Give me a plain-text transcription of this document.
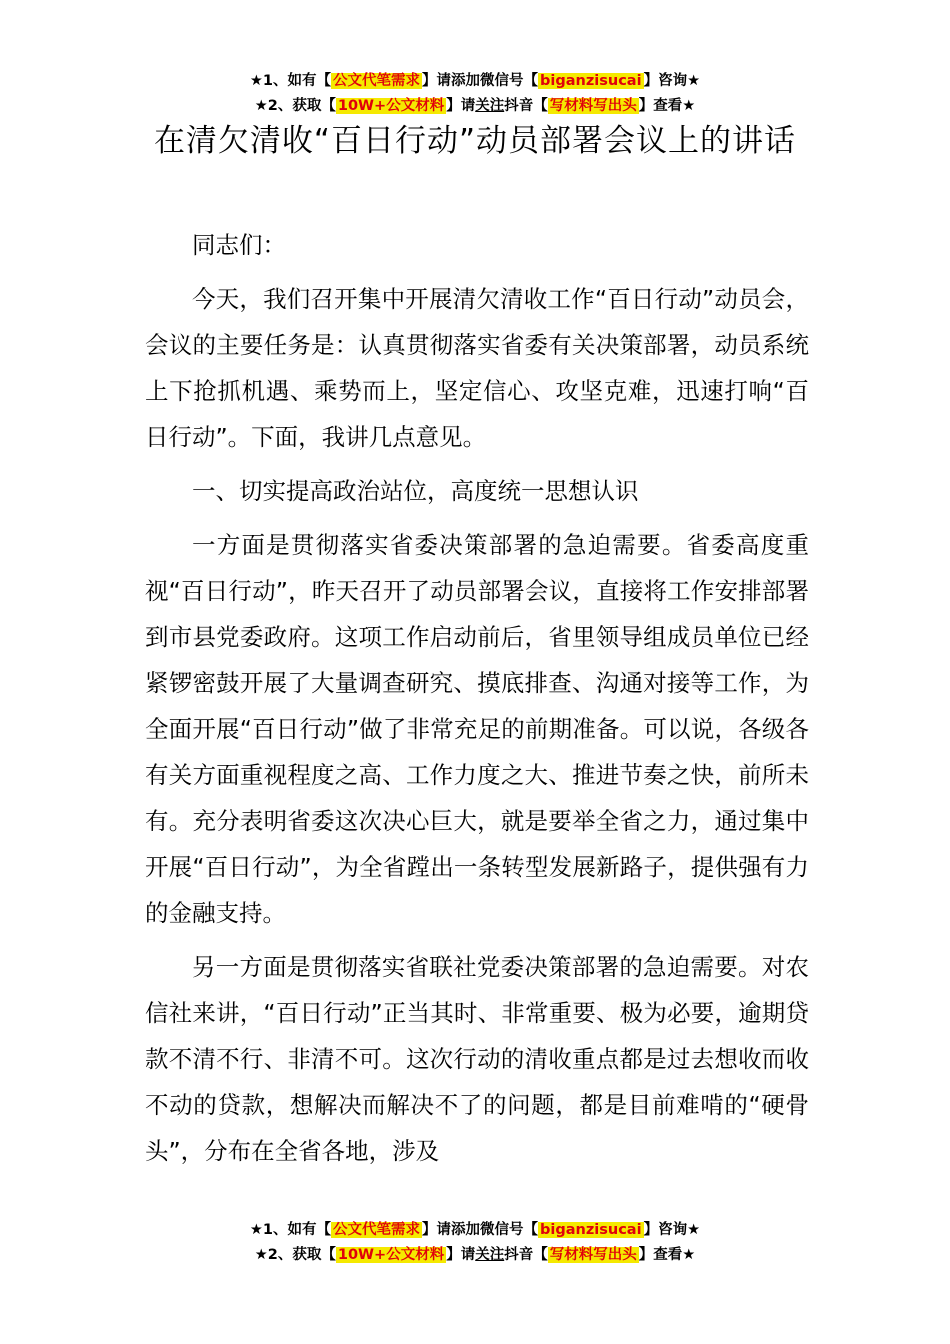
★1、如有【 公文代笔需求 】请添加微信号【 biganzisucai 】咨询★
★2、获取【 10W+公文材料 】请关注抖音【 写材料写出头 】查看★
在清欠清收“百日行动”动员部署会议上的讲话

同志们：

今天，我们召开集中开展清欠清收工作“百日行动”动员会，会议的主要任务是：认真贯彻落实省委有关决策部署，动员系统上下抢抓机遇、乘势而上，坚定信心、攻坚克难，迅速打响“百日行动”。下面，我讲几点意见。

一、切实提高政治站位，高度统一思想认识

一方面是贯彻落实省委决策部署的急迫需要。省委高度重视“百日行动”，昨天召开了动员部署会议，直接将工作安排部署到市县党委政府。这项工作启动前后，省里领导组成员单位已经紧锣密鼓开展了大量调查研究、摸底排查、沟通对接等工作，为全面开展“百日行动”做了非常充足的前期准备。可以说，各级各有关方面重视程度之高、工作力度之大、推进节奏之快，前所未有。充分表明省委这次决心巨大，就是要举全省之力，通过集中开展“百日行动”，为全省蹚出一条转型发展新路子，提供强有力的金融支持。

另一方面是贯彻落实省联社党委决策部署的急迫需要。对农信社来讲，“百日行动”正当其时、非常重要、极为必要，逾期贷款不清不行、非清不可。这次行动的清收重点都是过去想收而收不动的贷款，想解决而解决不了的问题，都是目前难啃的“硬骨头”，分布在全省各地，涉及

★1、如有【 公文代笔需求 】请添加微信号【 biganzisucai 】咨询★
★2、获取【 10W+公文材料 】请关注抖音【 写材料写出头 】查看★
